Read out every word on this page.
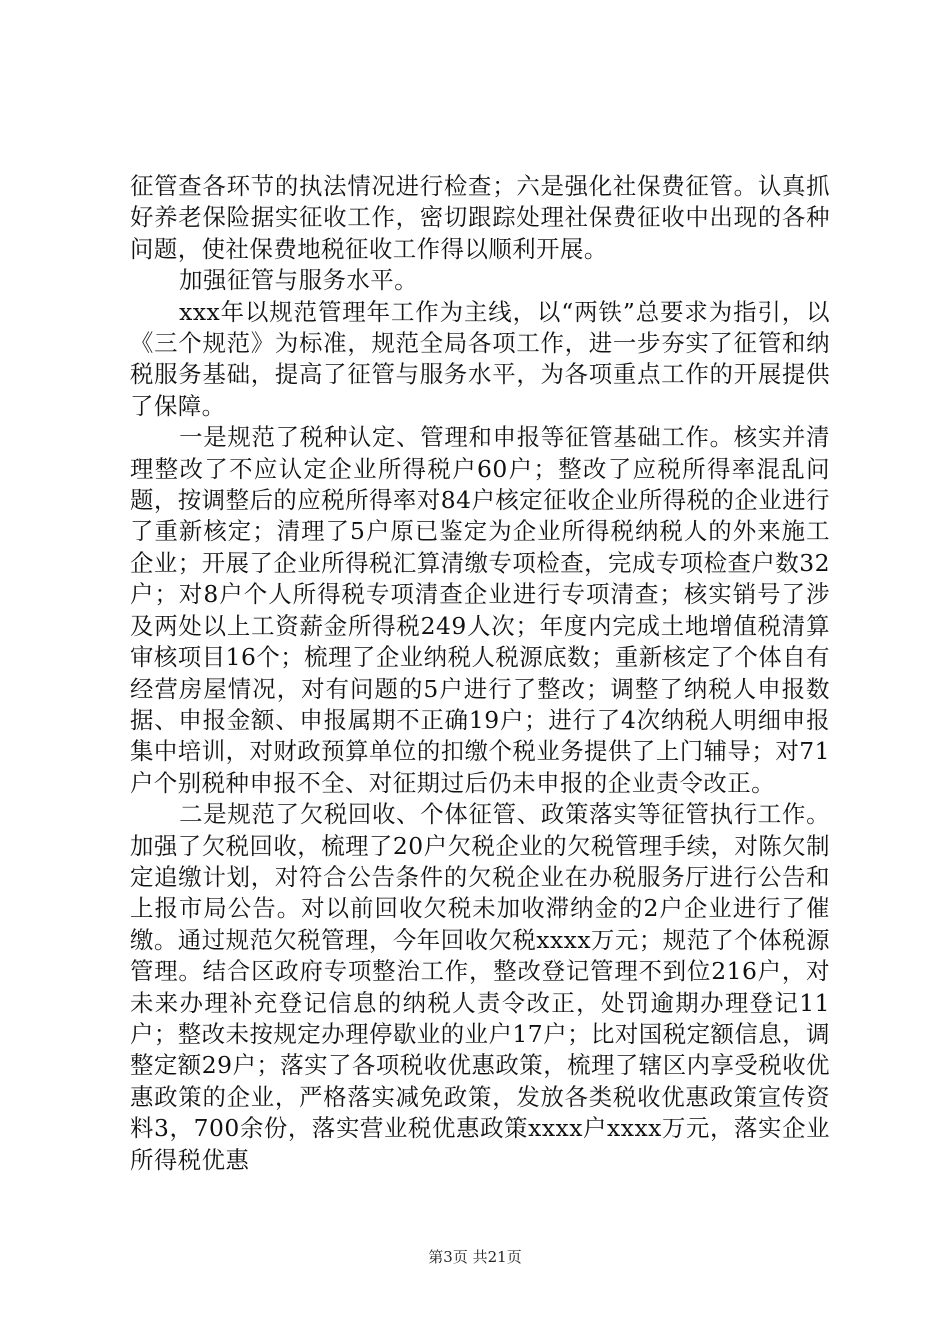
征管查各环节的执法情况进行检查；六是强化社保费征管。认真抓好养老保险据实征收工作，密切跟踪处理社保费征收中出现的各种问题，使社保费地税征收工作得以顺利开展。

加强征管与服务水平。

xxx年以规范管理年工作为主线，以“两铁”总要求为指引，以《三个规范》为标准，规范全局各项工作，进一步夯实了征管和纳税服务基础，提高了征管与服务水平，为各项重点工作的开展提供了保障。

一是规范了税种认定、管理和申报等征管基础工作。核实并清理整改了不应认定企业所得税户60户；整改了应税所得率混乱问题，按调整后的应税所得率对84户核定征收企业所得税的企业进行了重新核定；清理了5户原已鉴定为企业所得税纳税人的外来施工企业；开展了企业所得税汇算清缴专项检查，完成专项检查户数32户；对8户个人所得税专项清查企业进行专项清查；核实销号了涉及两处以上工资薪金所得税249人次；年度内完成土地增值税清算审核项目16个；梳理了企业纳税人税源底数；重新核定了个体自有经营房屋情况，对有问题的5户进行了整改；调整了纳税人申报数据、申报金额、申报属期不正确19户；进行了4次纳税人明细申报集中培训，对财政预算单位的扣缴个税业务提供了上门辅导；对71户个别税种申报不全、对征期过后仍未申报的企业责令改正。

二是规范了欠税回收、个体征管、政策落实等征管执行工作。加强了欠税回收，梳理了20户欠税企业的欠税管理手续，对陈欠制定追缴计划，对符合公告条件的欠税企业在办税服务厅进行公告和上报市局公告。对以前回收欠税未加收滞纳金的2户企业进行了催缴。通过规范欠税管理，今年回收欠税xxxx万元；规范了个体税源管理。结合区政府专项整治工作，整改登记管理不到位216户，对未来办理补充登记信息的纳税人责令改正，处罚逾期办理登记11户；整改未按规定办理停歇业的业户17户；比对国税定额信息，调整定额29户；落实了各项税收优惠政策，梳理了辖区内享受税收优惠政策的企业，严格落实减免政策，发放各类税收优惠政策宣传资料3，700余份，落实营业税优惠政策xxxx户xxxx万元，落实企业所得税优惠

第3页 共21页
